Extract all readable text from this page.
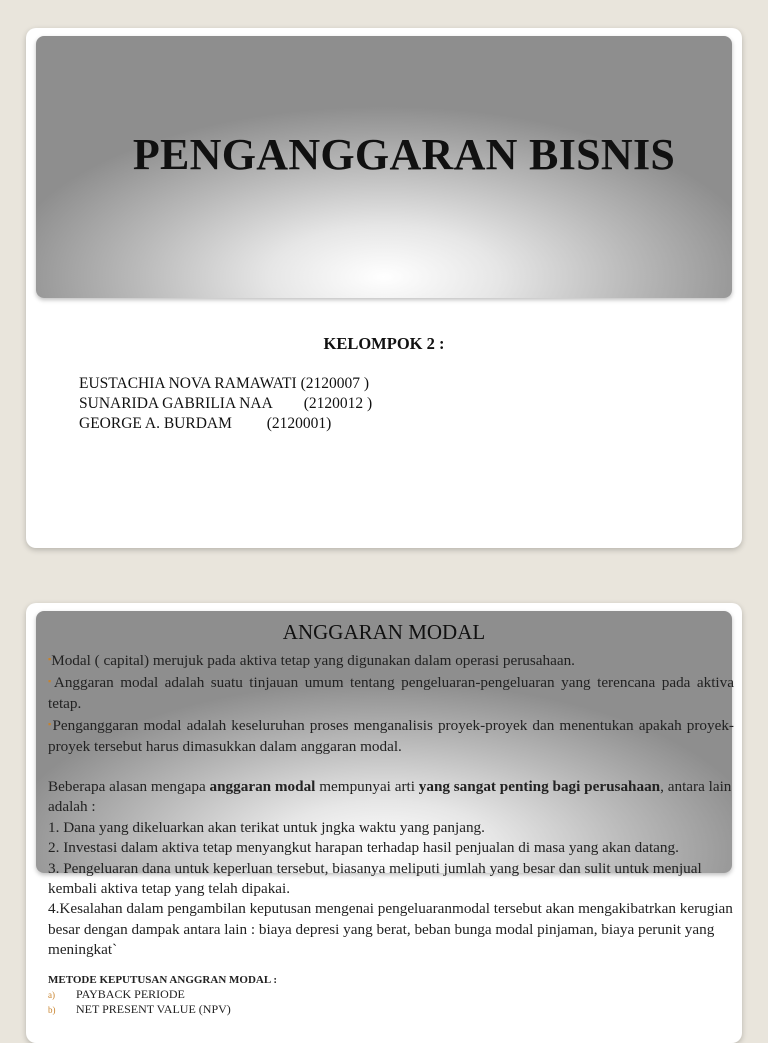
PENGANGGARAN BISNIS
KELOMPOK 2 :
EUSTACHIA NOVA RAMAWATI (2120007 )
SUNARIDA GABRILIA NAA        (2120012 )
GEORGE A. BURDAM         (2120001)
ANGGARAN MODAL

▪Modal ( capital) merujuk pada aktiva tetap yang digunakan dalam operasi perusahaan.

▪Anggaran modal adalah suatu tinjauan umum tentang pengeluaran-pengeluaran yang terencana pada aktiva tetap.

▪Penganggaran modal adalah keseluruhan proses menganalisis proyek-proyek dan menentukan apakah proyek-proyek tersebut harus dimasukkan dalam anggaran modal.

Beberapa alasan mengapa anggaran modal mempunyai arti yang sangat penting bagi perusahaan, antara lain adalah :

1. Dana yang dikeluarkan akan terikat untuk jngka waktu yang panjang.

2. Investasi dalam aktiva tetap menyangkut harapan terhadap hasil penjualan di masa yang akan datang.

3. Pengeluaran dana untuk keperluan tersebut, biasanya meliputi jumlah yang besar dan sulit untuk menjual kembali aktiva tetap yang telah dipakai.

4.Kesalahan dalam pengambilan keputusan mengenai pengeluaranmodal tersebut akan mengakibatrkan kerugian besar dengan dampak antara lain : biaya depresi yang berat, beban bunga modal pinjaman, biaya perunit yang meningkat`

METODE KEPUTUSAN ANGGRAN MODAL :
a) PAYBACK PERIODE
b) NET PRESENT VALUE (NPV)
